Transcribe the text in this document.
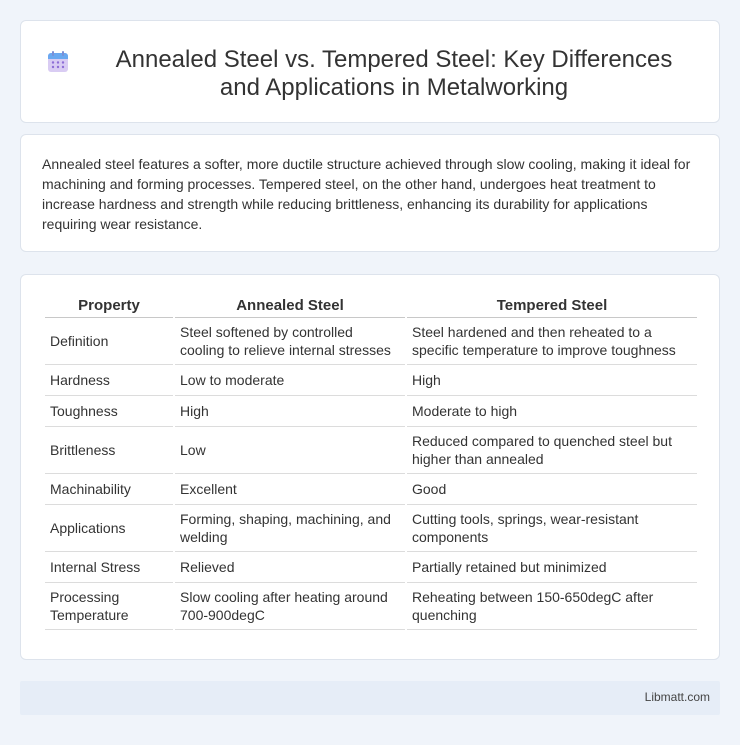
Annealed Steel vs. Tempered Steel: Key Differences and Applications in Metalworking

Annealed steel features a softer, more ductile structure achieved through slow cooling, making it ideal for machining and forming processes. Tempered steel, on the other hand, undergoes heat treatment to increase hardness and strength while reducing brittleness, enhancing its durability for applications requiring wear resistance.

Property	Annealed Steel	Tempered Steel
Definition	Steel softened by controlled cooling to relieve internal stresses	Steel hardened and then reheated to a specific temperature to improve toughness
Hardness	Low to moderate	High
Toughness	High	Moderate to high
Brittleness	Low	Reduced compared to quenched steel but higher than annealed
Machinability	Excellent	Good
Applications	Forming, shaping, machining, and welding	Cutting tools, springs, wear-resistant components
Internal Stress	Relieved	Partially retained but minimized
Processing Temperature	Slow cooling after heating around 700-900degC	Reheating between 150-650degC after quenching
Libmatt.com
